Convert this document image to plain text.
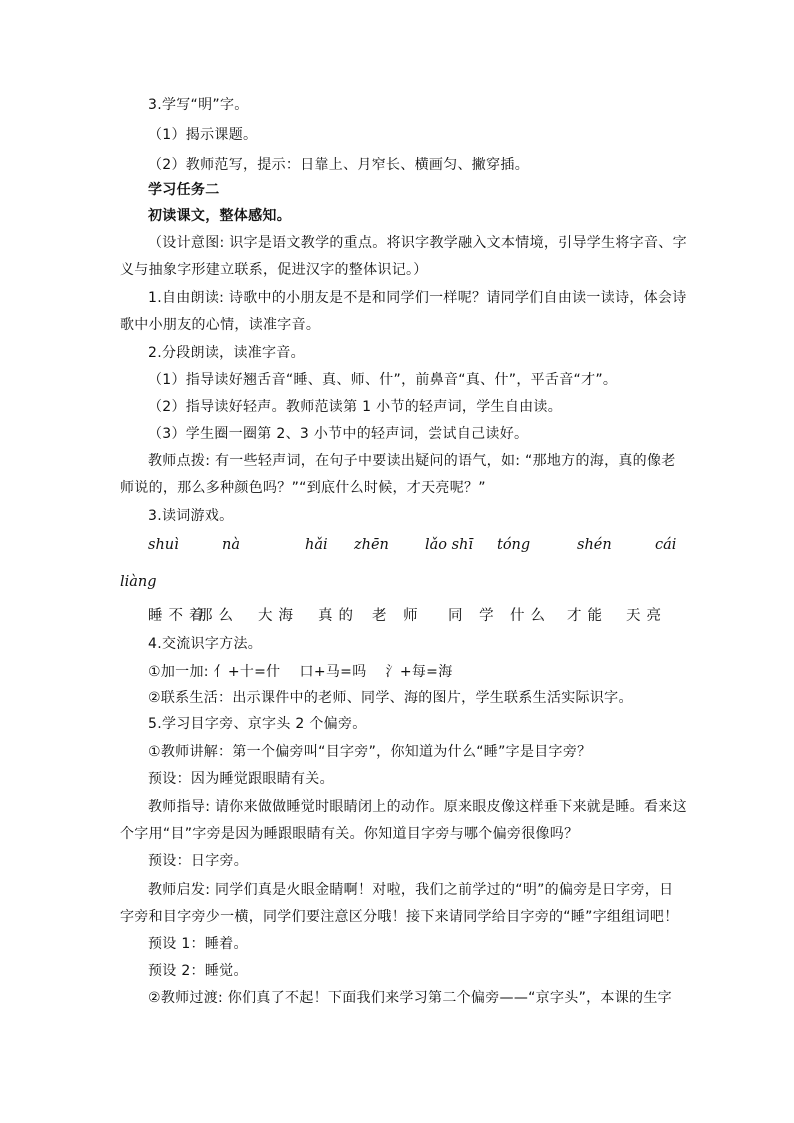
3.学写“明”字。
（1）揭示课题。
（2）教师范写，提示：日靠上、月窄长、横画匀、撇穿插。
学习任务二
初读课文，整体感知。
（设计意图: 识字是语文教学的重点。将识字教学融入文本情境，引导学生将字音、字
义与抽象字形建立联系，促进汉字的整体识记。）
1.自由朗读: 诗歌中的小朋友是不是和同学们一样呢？请同学们自由读一读诗，体会诗
歌中小朋友的心情，读准字音。
2.分段朗读，读准字音。
（1）指导读好翘舌音“睡、真、师、什”，前鼻音“真、什”，平舌音“才”。
（2）指导读好轻声。教师范读第 1 小节的轻声词，学生自由读。
（3）学生圈一圈第 2、3 小节中的轻声词，尝试自己读好。
教师点拨: 有一些轻声词，在句子中要读出疑问的语气，如: “那地方的海，真的像老
师说的，那么多种颜色吗？”“到底什么时候，才天亮呢？”
3.读词游戏。
4.交流识字方法。
①加一加: 亻+十=什　 口+马=吗　 氵+每=海
②联系生活：出示课件中的老师、同学、海的图片，学生联系生活实际识字。
5.学习目字旁、京字头 2 个偏旁。
①教师讲解：第一个偏旁叫“目字旁”，你知道为什么“睡”字是目字旁？
预设：因为睡觉跟眼睛有关。
教师指导: 请你来做做睡觉时眼睛闭上的动作。原来眼皮像这样垂下来就是睡。看来这
个字用“目”字旁是因为睡跟眼睛有关。你知道目字旁与哪个偏旁很像吗？
预设：日字旁。
教师启发: 同学们真是火眼金睛啊！对啦，我们之前学过的“明”的偏旁是日字旁，日
字旁和目字旁少一横，同学们要注意区分哦！接下来请同学给目字旁的“睡”字组组词吧！
预设 1：睡着。
预设 2：睡觉。
②教师过渡: 你们真了不起！下面我们来学习第二个偏旁——“京字头”，本课的生字
shuì	nà	hǎi zhēn lǎo shī tóng	shén	cái
liàng
睡不着
那么 大海 真的 老 师 同 学 什么 才能 天亮
